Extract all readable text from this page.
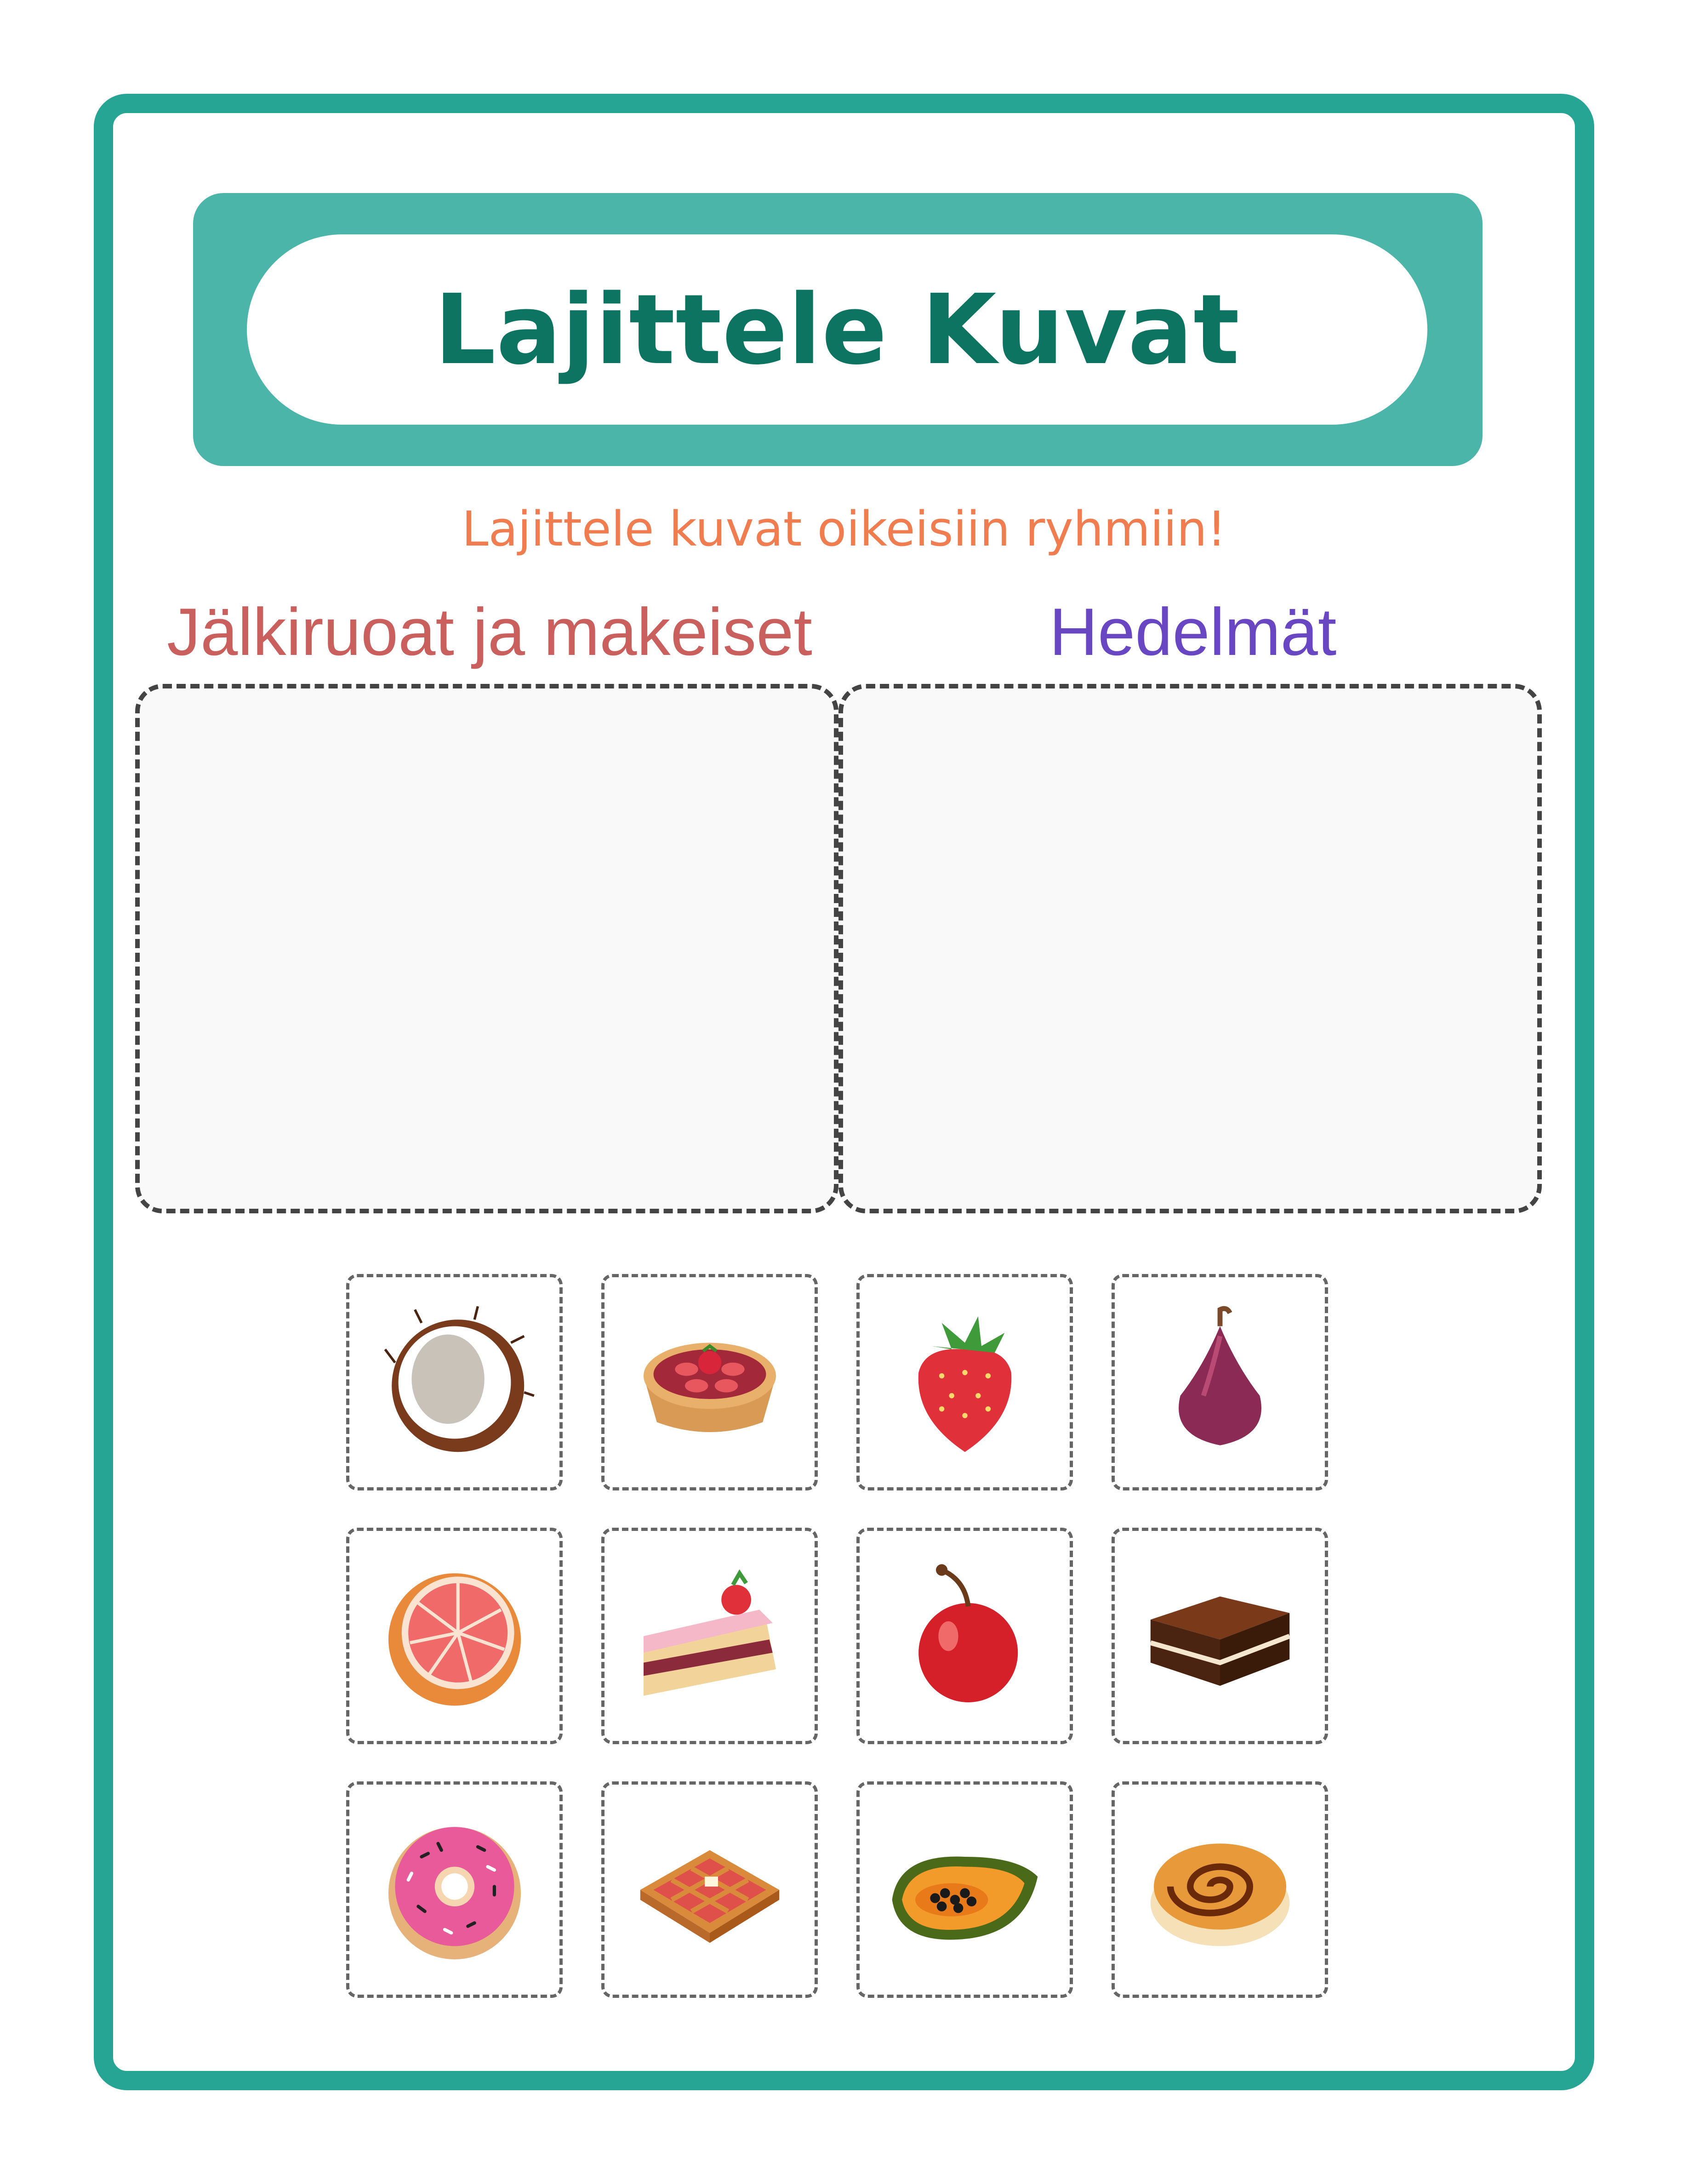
Lajittele Kuvat
Lajittele kuvat oikeisiin ryhmiin!
Jälkiruoat ja makeiset	Hedelmät
